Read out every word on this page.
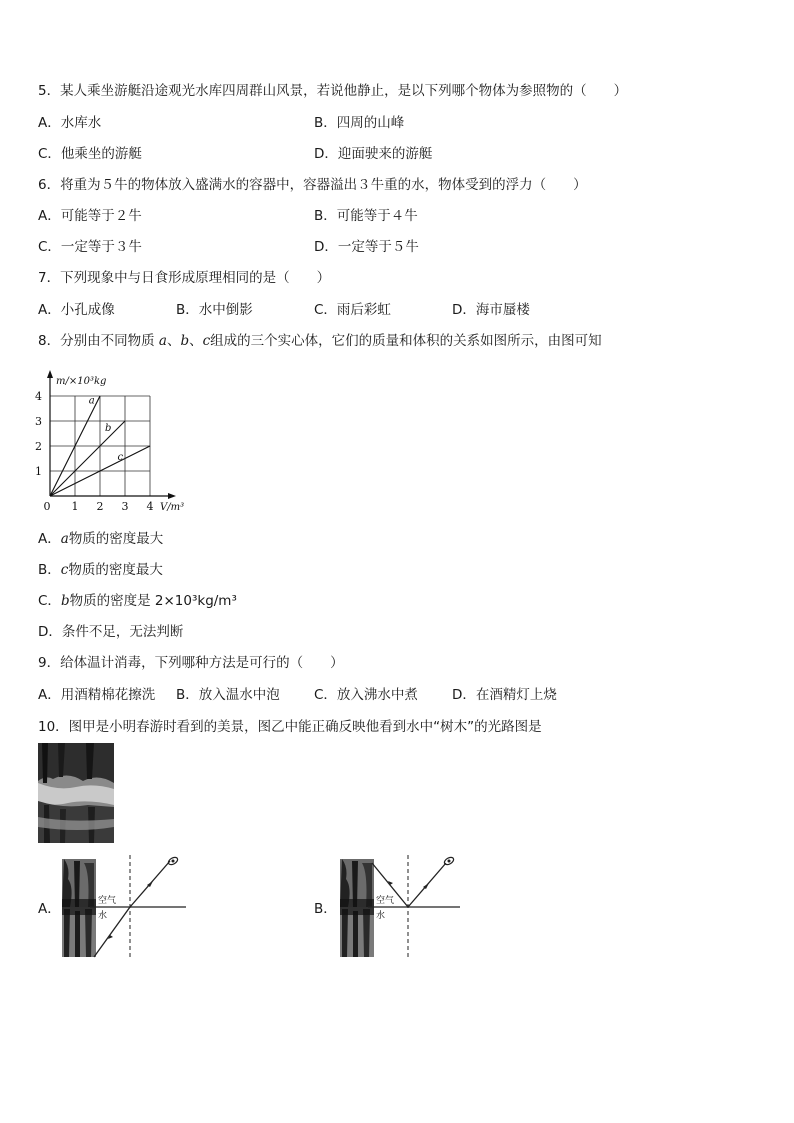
5．某人乘坐游艇沿途观光水库四周群山风景，若说他静止，是以下列哪个物体为参照物的（　　）
A．水库水	B．四周的山峰
C．他乘坐的游艇	D．迎面驶来的游艇
6．将重为５牛的物体放入盛满水的容器中，容器溢出３牛重的水，物体受到的浮力（　　）
A．可能等于２牛	B．可能等于４牛
C．一定等于３牛	D．一定等于５牛
7．下列现象中与日食形成原理相同的是（　　）
A．小孔成像	B．水中倒影	C．雨后彩虹	D．海市蜃楼
8．分别由不同物质 a、b、c组成的三个实心体，它们的质量和体积的关系如图所示，由图可知
0 1 2 3 4
1
2
3
4	a
b
c
m/×10³kg
V/m³
A．a物质的密度最大
B．c物质的密度最大
C．b物质的密度是 2×10³kg/m³
D．条件不足，无法判断
9．给体温计消毒，下列哪种方法是可行的（　　）
A．用酒精棉花擦洗 B．放入温水中泡	C．放入沸水中煮	D．在酒精灯上烧
10．图甲是小明春游时看到的美景，图乙中能正确反映他看到水中“树木”的光路图是
A．	空气
水	B．	空气
水
